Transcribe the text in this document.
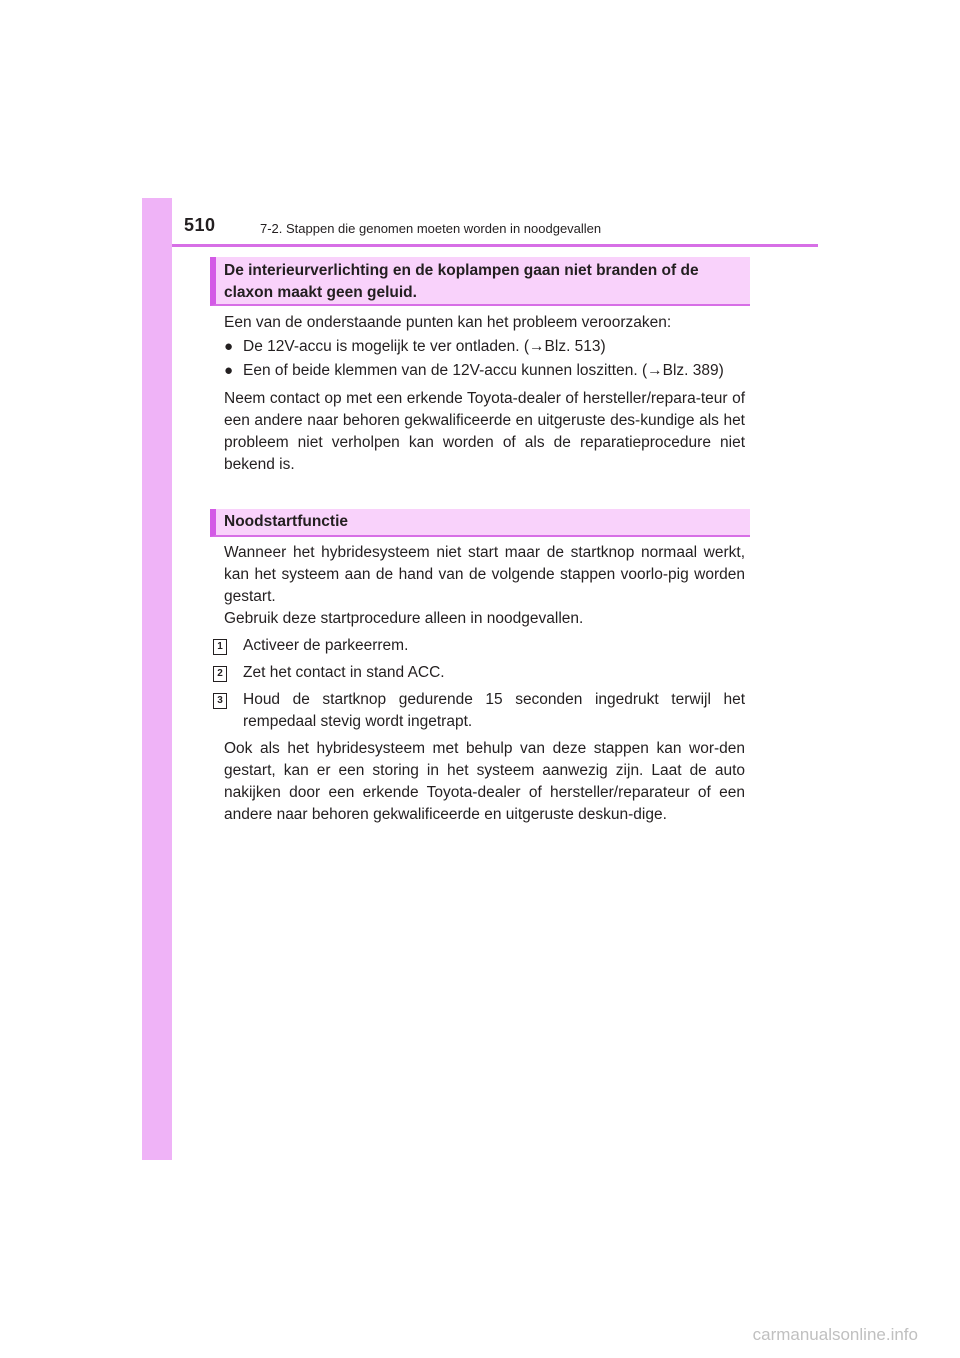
510	7-2. Stappen die genomen moeten worden in noodgevallen
De interieurverlichting en de koplampen gaan niet branden of de
claxon maakt geen geluid.

Een van de onderstaande punten kan het probleem veroorzaken:

● De 12V-accu is mogelijk te ver ontladen. (→Blz. 513)

● Een of beide klemmen van de 12V-accu kunnen loszitten. (→Blz. 389)

Neem contact op met een erkende Toyota-dealer of hersteller/repara-teur of een andere naar behoren gekwalificeerde en uitgeruste des-kundige als het probleem niet verholpen kan worden of als de reparatieprocedure niet bekend is.

Noodstartfunctie

Wanneer het hybridesysteem niet start maar de startknop normaal werkt, kan het systeem aan de hand van de volgende stappen voorlo-pig worden gestart.

Gebruik deze startprocedure alleen in noodgevallen.

1 Activeer de parkeerrem.

2 Zet het contact in stand ACC.

3 Houd de startknop gedurende 15 seconden ingedrukt terwijl het rempedaal stevig wordt ingetrapt.

Ook als het hybridesysteem met behulp van deze stappen kan wor-den gestart, kan er een storing in het systeem aanwezig zijn. Laat de auto nakijken door een erkende Toyota-dealer of hersteller/reparateur of een andere naar behoren gekwalificeerde en uitgeruste deskun-dige.

carmanualsonline.info
